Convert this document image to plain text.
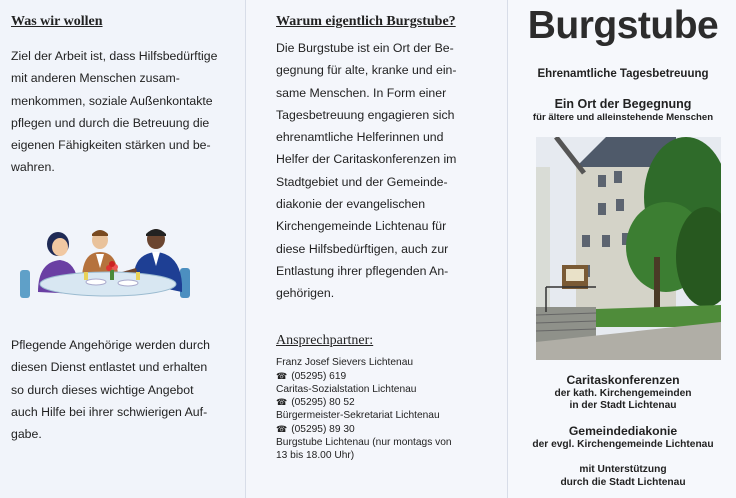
Was wir wollen
Ziel der Arbeit ist, dass Hilfsbedürftige
mit anderen Menschen zusam-
menkommen, soziale Außenkontakte
pflegen und durch die Betreuung die
eigenen Fähigkeiten stärken und be-
wahren.
Pflegende Angehörige werden durch
diesen Dienst entlastet und erhalten
so durch dieses wichtige Angebot
auch Hilfe bei ihrer schwierigen Auf-
gabe.
Warum eigentlich Burgstube?
Die Burgstube ist ein Ort der Be-
gegnung für alte, kranke und ein-
same Menschen. In Form einer
Tagesbetreuung engagieren sich
ehrenamtliche Helferinnen und
Helfer der Caritaskonferenzen im
Stadtgebiet und der Gemeinde-
diakonie der evangelischen
Kirchengemeinde Lichtenau für
diese Hilfsbedürftigen, auch zur
Entlastung ihrer pflegenden An-
gehörigen.
Ansprechpartner:
Franz Josef Sievers Lichtenau
☎ (05295) 619
Caritas-Sozialstation Lichtenau
☎ (05295) 80 52
Bürgermeister-Sekretariat Lichtenau
☎ (05295) 89 30
Burgstube Lichtenau (nur montags von
13 bis 18.00 Uhr)
Burgstube
Ehrenamtliche Tagesbetreuung
Ein Ort der Begegnung
für ältere und alleinstehende Menschen
Caritaskonferenzen
der kath. Kirchengemeinden
in der Stadt Lichtenau
Gemeindediakonie
der evgl. Kirchengemeinde Lichtenau
mit Unterstützung
durch die Stadt Lichtenau
